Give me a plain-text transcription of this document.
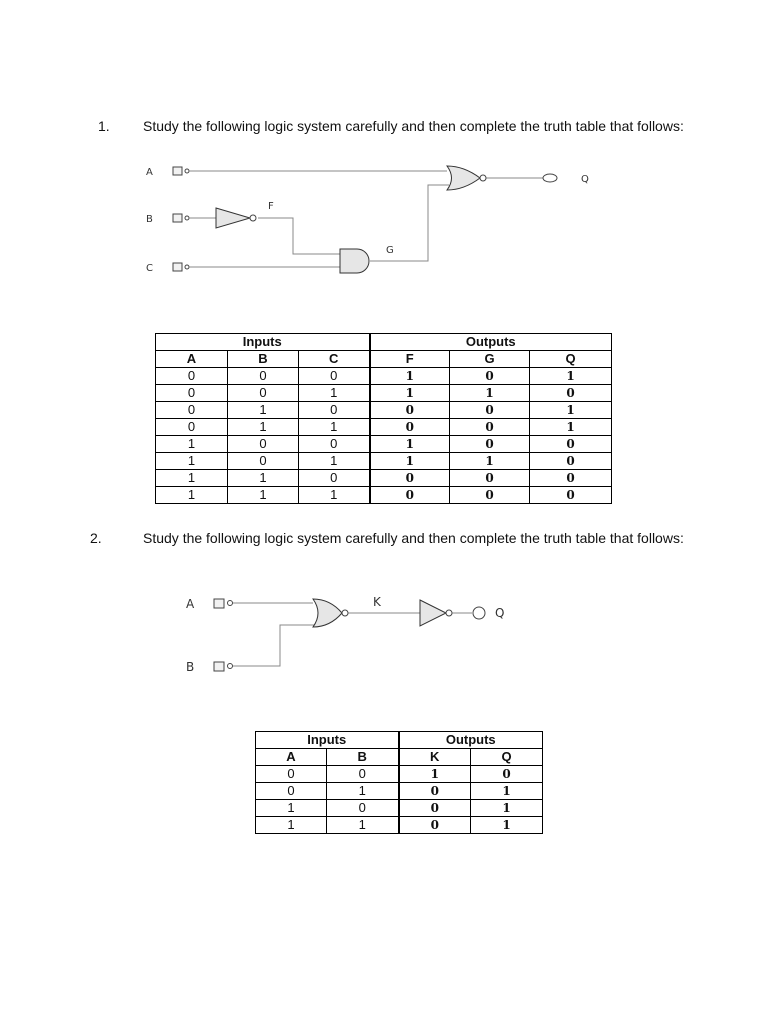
1. Study the following logic system carefully and then complete the truth table that follows:
A
B
C
F
G
Q
Inputs			Outputs		
A	B	C	F	G	Q
0	0	0	1	0	1
0	0	1	1	1	0
0	1	0	0	0	1
0	1	1	0	0	1
1	0	0	1	0	0
1	0	1	1	1	0
1	1	0	0	0	0
1	1	1	0	0	0
2.	Study the following logic system carefully and then complete the truth table that follows:
A
B
K
Q
Inputs		Outputs	
A	B	K	Q
0	0	1	0
0	1	0	1
1	0	0	1
1	1	0	1
